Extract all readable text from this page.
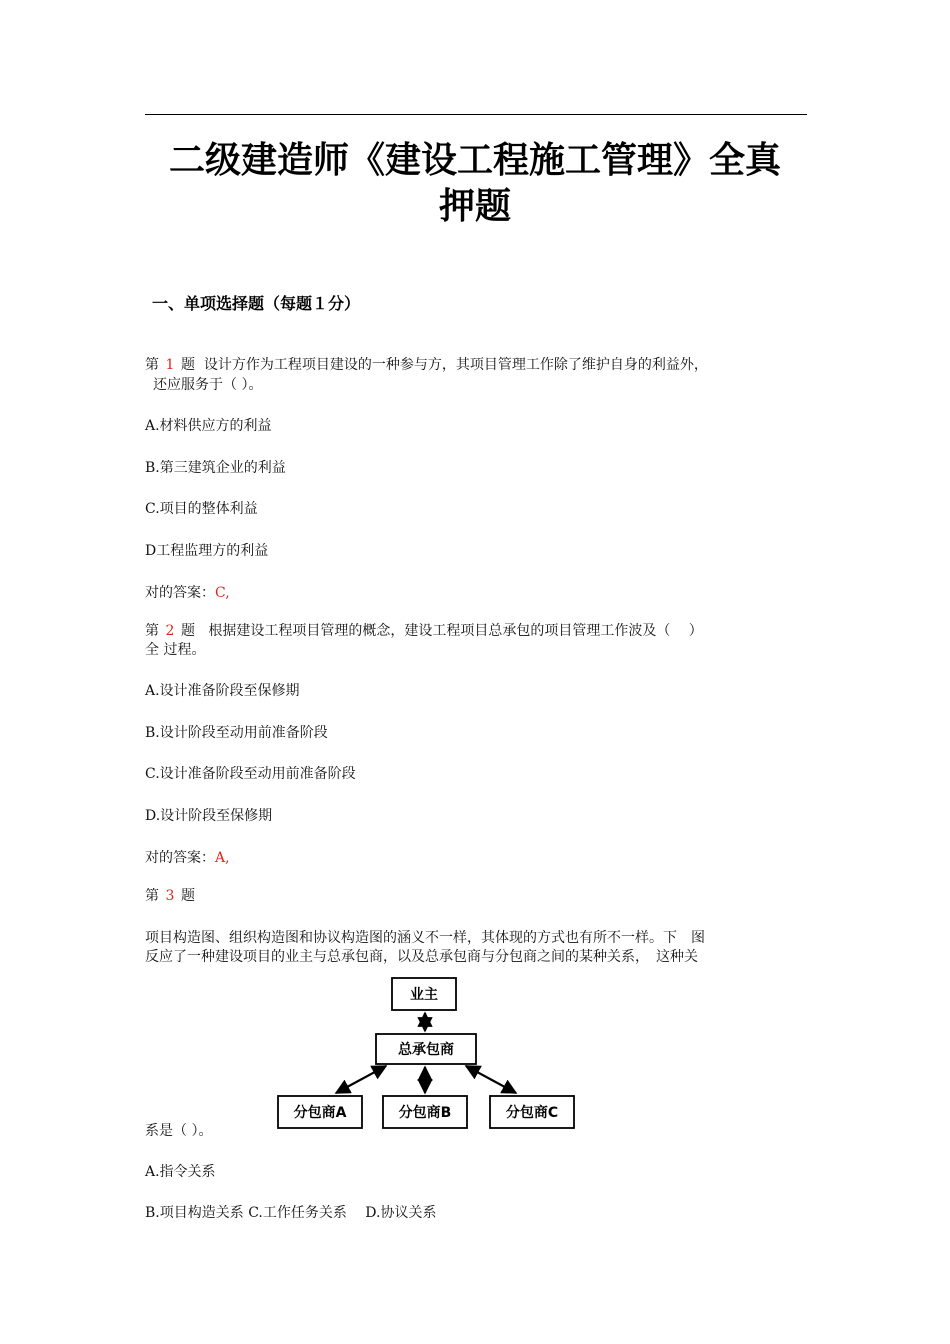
二级建造师《建设工程施工管理》全真
押题
一、单项选择题（每题１分）
第 1 题 设计方作为工程项目建设的一种参与方，其项目管理工作除了维护自身的利益外，
还应服务于（ ）。
A.材料供应方的利益
B.第三建筑企业的利益
C.项目的整体利益
D工程监理方的利益
对的答案：C,
第 2 题 根据建设工程项目管理的概念，建设工程项目总承包的项目管理工作波及（　 ）
全 过程。
A.设计准备阶段至保修期
B.设计阶段至动用前准备阶段
C.设计准备阶段至动用前准备阶段
D.设计阶段至保修期
对的答案：A,
第 3 题
项目构造图、组织构造图和协议构造图的涵义不一样，其体现的方式也有所不一样。下　图
反应了一种建设项目的业主与总承包商，以及总承包商与分包商之间的某种关系，　这种关
业主
总承包商
分包商A	分包商B	分包商C
系是（ ）。
A.指令关系
B.项目构造关系 C.工作任务关系　 D.协议关系
